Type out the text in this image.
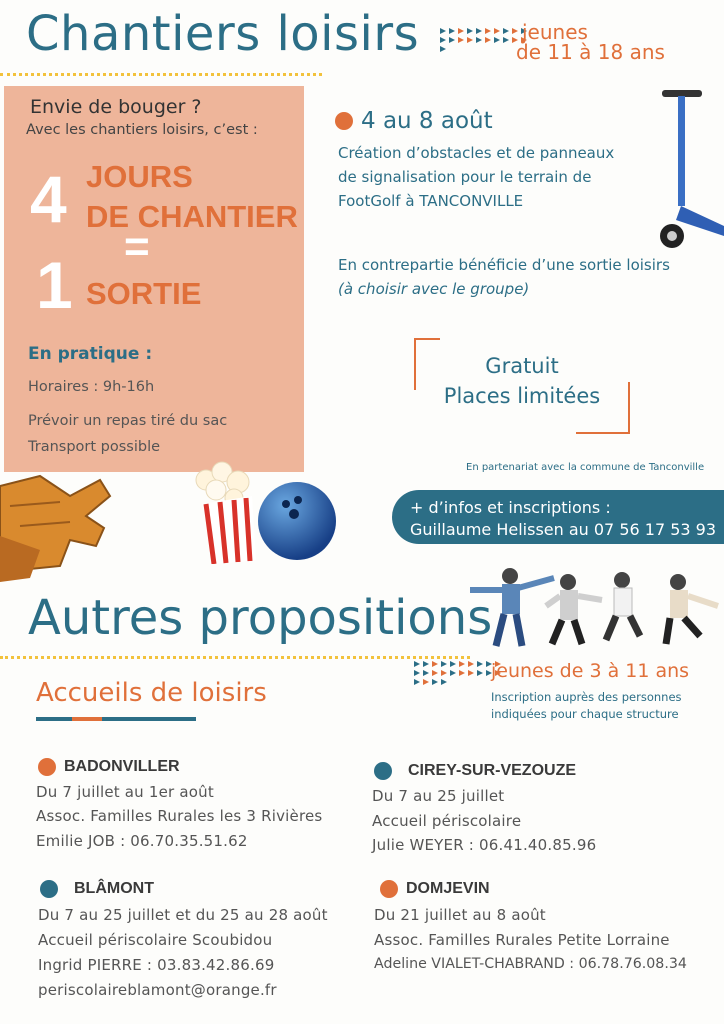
Chantiers loisirs	jeunes
de 11 à 18 ans
Envie de bouger ?
Avec les chantiers loisirs, c’est :
4 JOURS
DE CHANTIER
=
1 SORTIE
En pratique :
Horaires : 9h-16h
Prévoir un repas tiré du sac
Transport possible
4 au 8 août
Création d’obstacles et de panneaux
de signalisation pour le terrain de
FootGolf à TANCONVILLE
En contrepartie bénéficie d’une sortie loisirs
(à choisir avec le groupe)
Gratuit
Places limitées
En partenariat avec la commune de Tanconville
+ d’infos et inscriptions :
Guillaume Helissen au 07 56 17 53 93
Autres propositions
jeunes de 3 à 11 ans
Inscription auprès des personnes
indiquées pour chaque structure
Accueils de loisirs
BADONVILLER
Du 7 juillet au 1er août
Assoc. Familles Rurales les 3 Rivières
Emilie JOB : 06.70.35.51.62
CIREY-SUR-VEZOUZE
Du 7 au 25 juillet
Accueil périscolaire
Julie WEYER : 06.41.40.85.96
BLÂMONT
Du 7 au 25 juillet et du 25 au 28 août
Accueil périscolaire Scoubidou
Ingrid PIERRE : 03.83.42.86.69
periscolaireblamont@orange.fr
DOMJEVIN
Du 21 juillet au 8 août
Assoc. Familles Rurales Petite Lorraine
Adeline VIALET-CHABRAND : 06.78.76.08.34
